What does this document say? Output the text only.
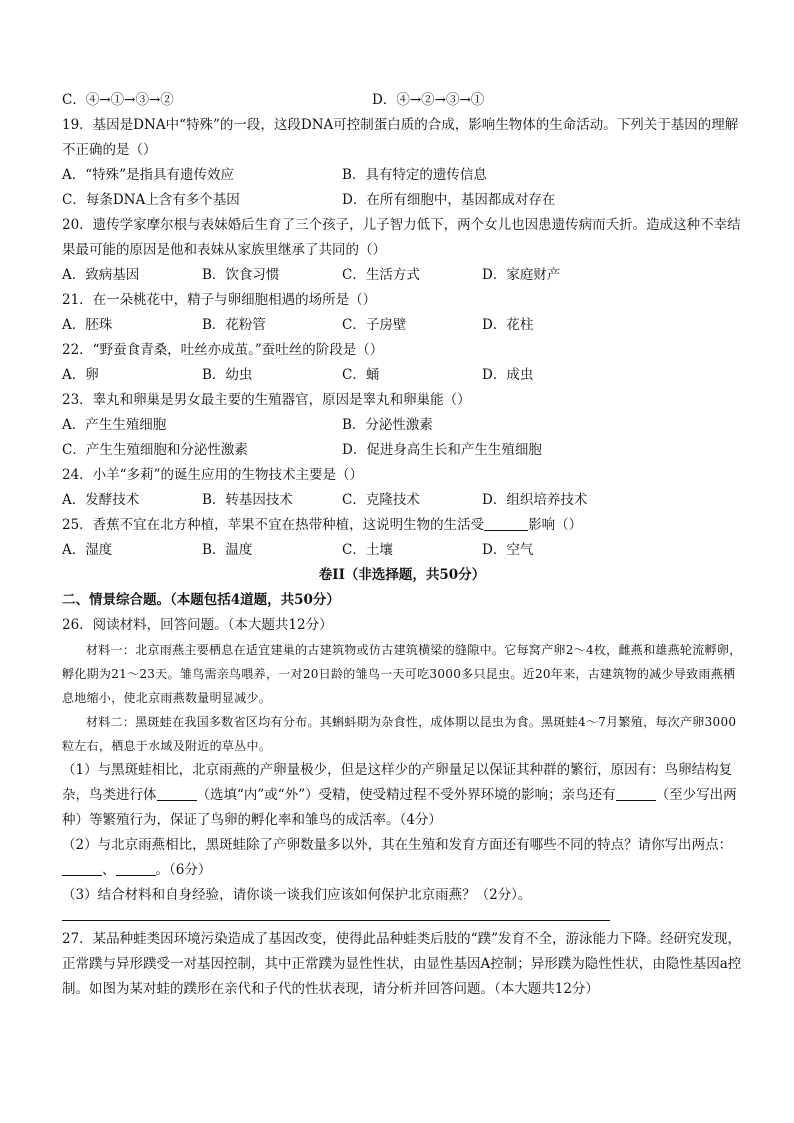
C．④→①→③→②	D．④→②→③→①
19．基因是DNA中“特殊”的一段，这段DNA可控制蛋白质的合成，影响生物体的生命活动。下列关于基因的理解不正确的是（）
A．“特殊”是指具有遗传效应	B．具有特定的遗传信息
C．每条DNA上含有多个基因	D．在所有细胞中，基因都成对存在
20．遗传学家摩尔根与表妹婚后生育了三个孩子，儿子智力低下，两个女儿也因患遗传病而夭折。造成这种不幸结果最可能的原因是他和表妹从家族里继承了共同的（）
A．致病基因	B．饮食习惯	C．生活方式	D．家庭财产
21．在一朵桃花中，精子与卵细胞相遇的场所是（）
A．胚珠	B．花粉管	C．子房壁	D．花柱
22．“野蚕食青桑，吐丝亦成茧。”蚕吐丝的阶段是（）
A．卵	B．幼虫	C．蛹	D．成虫
23．睾丸和卵巢是男女最主要的生殖器官，原因是睾丸和卵巢能（）
A．产生生殖细胞	B．分泌性激素
C．产生生殖细胞和分泌性激素	D．促进身高生长和产生生殖细胞
24．小羊“多莉”的诞生应用的生物技术主要是（）
A．发酵技术	B．转基因技术	C．克隆技术	D．组织培养技术
25．香蕉不宜在北方种植，苹果不宜在热带种植，这说明生物的生活受	影响（）
A．湿度	B．温度	C．土壤	D．空气
卷II（非选择题，共50分）
二、情景综合题。（本题包括4道题，共50分）
26．阅读材料，回答问题。（本大题共12分）
材料一：北京雨燕主要栖息在适宜建巢的古建筑物或仿古建筑横梁的缝隙中。它每窝产卵2～4枚，雌燕和雄燕轮流孵卵，孵化期为21～23天。雏鸟需亲鸟喂养，一对20日龄的雏鸟一天可吃3000多只昆虫。近20年来，古建筑物的减少导致雨燕栖息地缩小，使北京雨燕数量明显减少。
材料二：黑斑蛙在我国多数省区均有分布。其蝌蚪期为杂食性，成体期以昆虫为食。黑斑蛙4～7月繁殖，每次产卵3000粒左右，栖息于水域及附近的草丛中。
（1）与黑斑蛙相比，北京雨燕的产卵量极少，但是这样少的产卵量足以保证其种群的繁衍，原因有：鸟卵结构复杂，鸟类进行体	（选填“内”或“外”）受精，使受精过程不受外界环境的影响；亲鸟还有	（至少写出两种）等繁殖行为，保证了鸟卵的孵化率和雏鸟的成活率。（4分）
（2）与北京雨燕相比，黑斑蛙除了产卵数量多以外，其在生殖和发育方面还有哪些不同的特点？请你写出两点：、	。（6分）
（3）结合材料和自身经验，请你谈一谈我们应该如何保护北京雨燕？（2分）。
27．某品种蛙类因环境污染造成了基因改变，使得此品种蛙类后肢的“蹼”发育不全，游泳能力下降。经研究发现，正常蹼与异形蹼受一对基因控制，其中正常蹼为显性性状，由显性基因A控制；异形蹼为隐性性状，由隐性基因a控制。如图为某对蛙的蹼形在亲代和子代的性状表现，请分析并回答问题。（本大题共12分）
